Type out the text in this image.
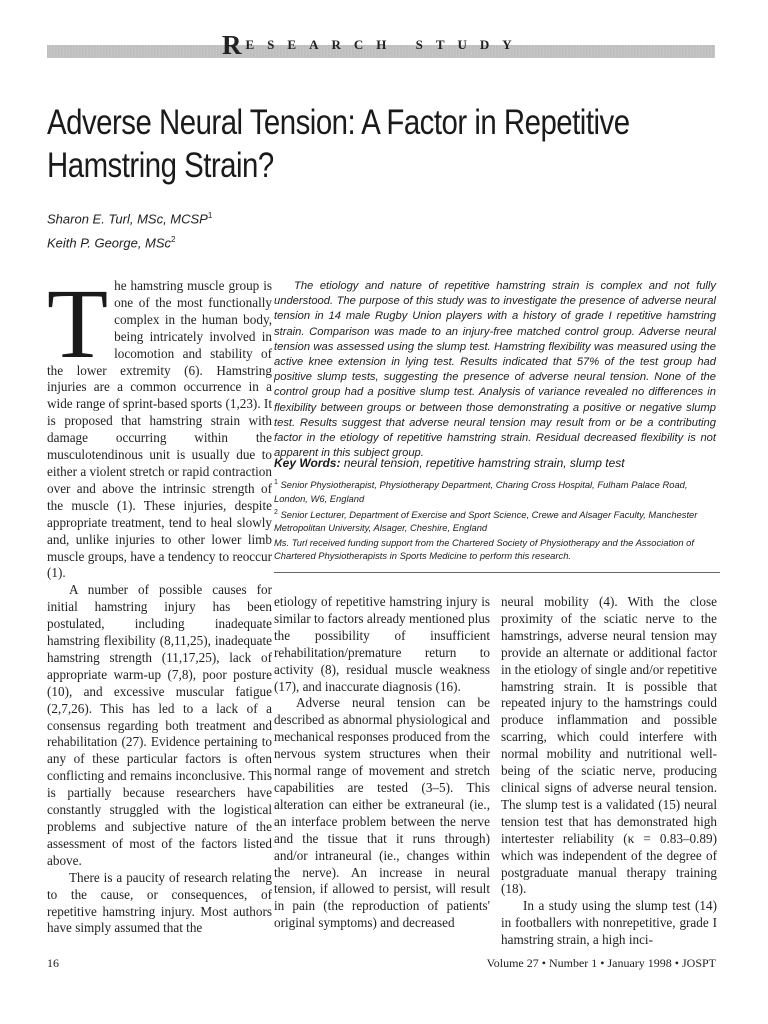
$R^{ESEARCH STUDY}$
Adverse Neural Tension: A Factor in Repetitive Hamstring Strain?
Sharon E. Turl, MSc, MCSP$^1$
Keith P. George, MSc$^2$

The hamstring muscle group is one of the most functionally complex in the human body, being intricately involved in locomotion and stability of the lower extremity (6). Hamstring injuries are a common occurrence in a wide range of sprint-based sports (1,23). It is proposed that hamstring strain with damage occurring within the musculotendinous unit is usually due to either a violent stretch or rapid contraction over and above the intrinsic strength of the muscle (1). These injuries, despite appropriate treatment, tend to heal slowly and, unlike injuries to other lower limb muscle groups, have a tendency to reoccur (1).

A number of possible causes for initial hamstring injury has been postulated, including inadequate hamstring flexibility (8,11,25), inadequate hamstring strength (11,17,25), lack of appropriate warm-up (7,8), poor posture (10), and excessive muscular fatigue (2,7,26). This has led to a lack of a consensus regarding both treatment and rehabilitation (27). Evidence pertaining to any of these particular factors is often conflicting and remains inconclusive. This is partially because researchers have constantly struggled with the logistical problems and subjective nature of the assessment of most of the factors listed above.

There is a paucity of research relating to the cause, or consequences, of repetitive hamstring injury. Most authors have simply assumed that the

The etiology and nature of repetitive hamstring strain is complex and not fully understood. The purpose of this study was to investigate the presence of adverse neural tension in 14 male Rugby Union players with a history of grade I repetitive hamstring strain. Comparison was made to an injury-free matched control group. Adverse neural tension was assessed using the slump test. Hamstring flexibility was measured using the active knee extension in lying test. Results indicated that 57% of the test group had positive slump tests, suggesting the presence of adverse neural tension. None of the control group had a positive slump test. Analysis of variance revealed no differences in flexibility between groups or between those demonstrating a positive or negative slump test. Results suggest that adverse neural tension may result from or be a contributing factor in the etiology of repetitive hamstring strain. Residual decreased flexibility is not apparent in this subject group.

Key Words: neural tension, repetitive hamstring strain, slump test

$^1$ Senior Physiotherapist, Physiotherapy Department, Charing Cross Hospital, Fulham Palace Road, London, W6, England

$^2$ Senior Lecturer, Department of Exercise and Sport Science, Crewe and Alsager Faculty, Manchester Metropolitan University, Alsager, Cheshire, England

Ms. Turl received funding support from the Chartered Society of Physiotherapy and the Association of Chartered Physiotherapists in Sports Medicine to perform this research.

etiology of repetitive hamstring injury is similar to factors already mentioned plus the possibility of insufficient rehabilitation/premature return to activity (8), residual muscle weakness (17), and inaccurate diagnosis (16).

Adverse neural tension can be described as abnormal physiological and mechanical responses produced from the nervous system structures when their normal range of movement and stretch capabilities are tested (3–5). This alteration can either be extraneural (ie., an interface problem between the nerve and the tissue that it runs through) and/or intraneural (ie., changes within the nerve). An increase in neural tension, if allowed to persist, will result in pain (the reproduction of patients' original symptoms) and decreased

neural mobility (4). With the close proximity of the sciatic nerve to the hamstrings, adverse neural tension may provide an alternate or additional factor in the etiology of single and/or repetitive hamstring strain. It is possible that repeated injury to the hamstrings could produce inflammation and possible scarring, which could interfere with normal mobility and nutritional well-being of the sciatic nerve, producing clinical signs of adverse neural tension. The slump test is a validated (15) neural tension test that has demonstrated high intertester reliability (κ = 0.83–0.89) which was independent of the degree of postgraduate manual therapy training (18).

In a study using the slump test (14) in footballers with nonrepetitive, grade I hamstring strain, a high inci-

16	Volume 27 • Number 1 • January 1998 • JOSPT
